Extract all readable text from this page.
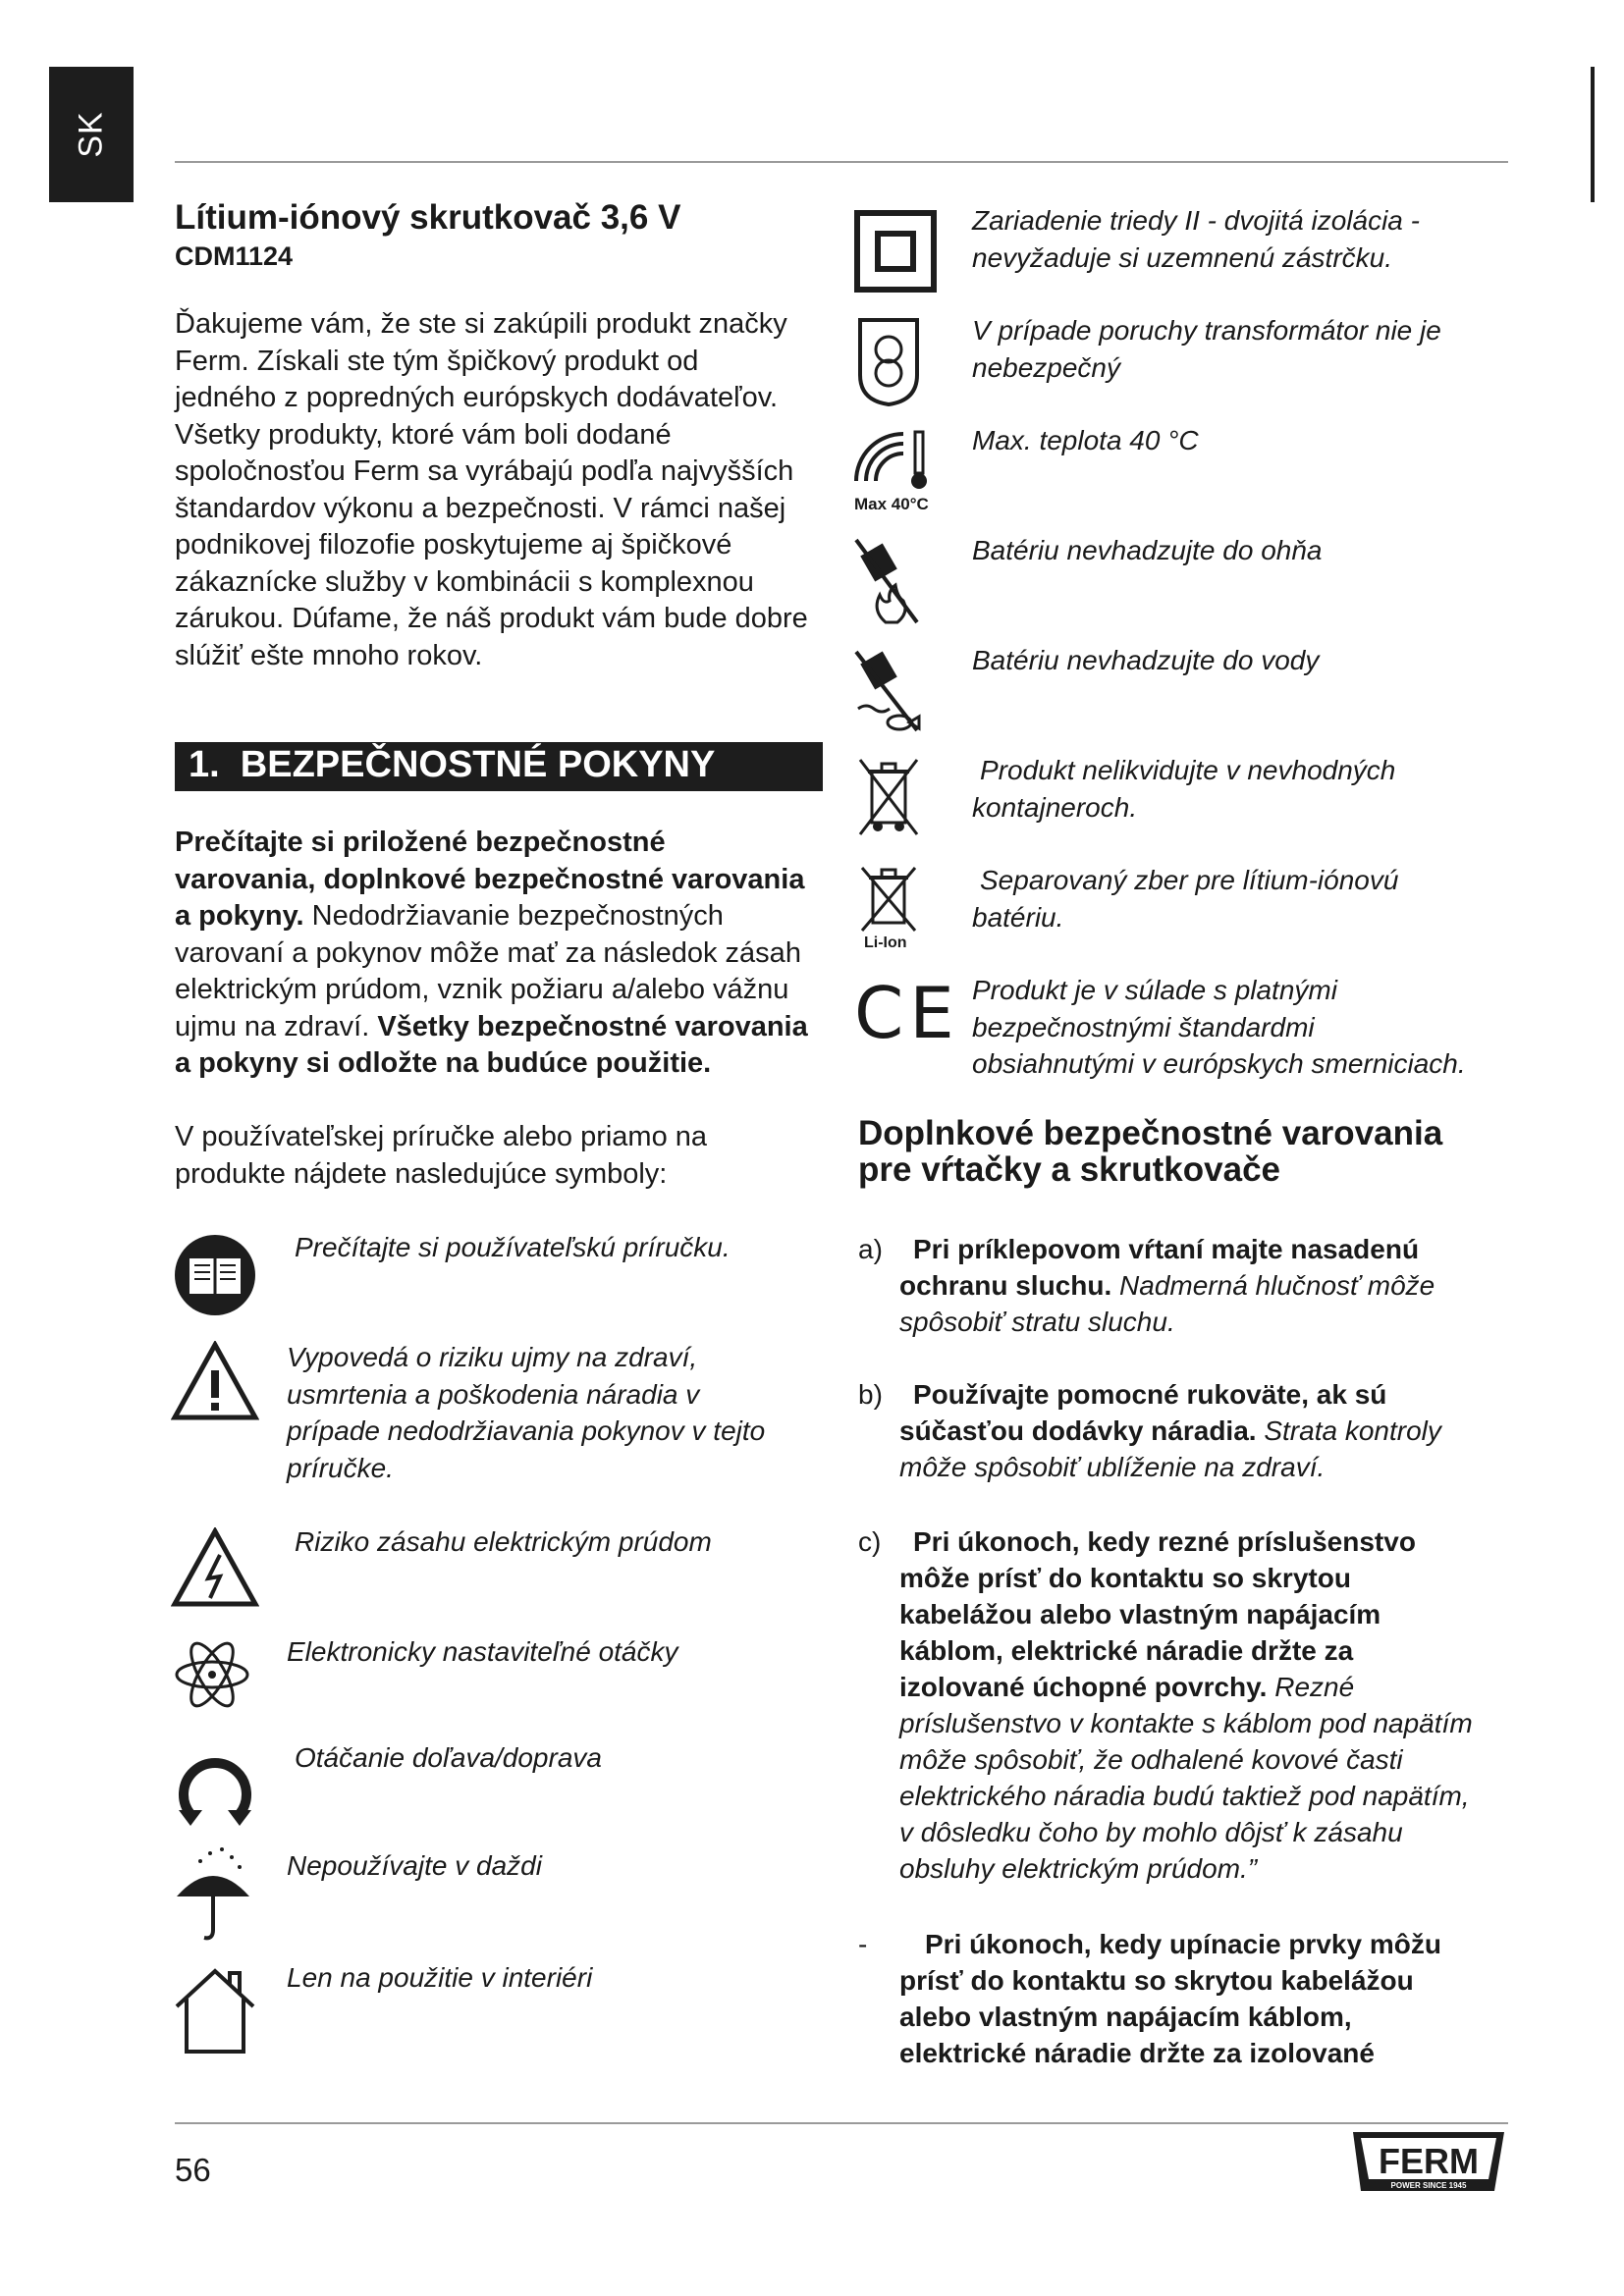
SK
Lítium-iónový skrutkovač 3,6 V
CDM1124
Ďakujeme vám, že ste si zakúpili produkt značky
Ferm. Získali ste tým špičkový produkt od
jedného z popredných európskych dodávateľov.
Všetky produkty, ktoré vám boli dodané
spoločnosťou Ferm sa vyrábajú podľa najvyšších
štandardov výkonu a bezpečnosti. V rámci našej
podnikovej filozofie poskytujeme aj špičkové
zákaznícke služby v kombinácii s komplexnou
zárukou. Dúfame, že náš produkt vám bude dobre
slúžiť ešte mnoho rokov.
1.  BEZPEČNOSTNÉ POKYNY
Prečítajte si priložené bezpečnostné
varovania, doplnkové bezpečnostné varovania
a pokyny. Nedodržiavanie bezpečnostných
varovaní a pokynov môže mať za následok zásah
elektrickým prúdom, vznik požiaru a/alebo vážnu
ujmu na zdraví. Všetky bezpečnostné varovania
a pokyny si odložte na budúce použitie.
V používateľskej príručke alebo priamo na
produkte nájdete nasledujúce symboly:
Prečítajte si používateľskú príručku.
Vypovedá o riziku ujmy na zdraví,
usmrtenia a poškodenia náradia v
prípade nedodržiavania pokynov v tejto
príručke.
Riziko zásahu elektrickým prúdom
Elektronicky nastaviteľné otáčky
Otáčanie doľava/doprava
Nepoužívajte v daždi
Len na použitie v interiéri
Zariadenie triedy II - dvojitá izolácia -
nevyžaduje si uzemnenú zástrčku.
V prípade poruchy transformátor nie je
nebezpečný
Max 40°C
Max. teplota 40 °C
Batériu nevhadzujte do ohňa
Batériu nevhadzujte do vody
Produkt nelikvidujte v nevhodných
kontajneroch.
Li-Ion
Separovaný zber pre lítium-iónovú
batériu.
CE Produkt je v súlade s platnými
bezpečnostnými štandardmi
obsiahnutými v európskych smerniciach.
Doplnkové bezpečnostné varovania
pre vŕtačky a skrutkovače
a)	Pri príklepovom vŕtaní majte nasadenú
ochranu sluchu. Nadmerná hlučnosť môže
spôsobiť stratu sluchu.
b)	Používajte pomocné rukoväte, ak sú
súčasťou dodávky náradia. Strata kontroly
môže spôsobiť ublíženie na zdraví.
c)	Pri úkonoch, kedy rezné príslušenstvo
môže prísť do kontaktu so skrytou
kabelážou alebo vlastným napájacím
káblom, elektrické náradie držte za
izolované úchopné povrchy. Rezné
príslušenstvo v kontakte s káblom pod napätím
môže spôsobiť, že odhalené kovové časti
elektrického náradia budú taktiež pod napätím,
v dôsledku čoho by mohlo dôjsť k zásahu
obsluhy elektrickým prúdom.”
-	Pri úkonoch, kedy upínacie prvky môžu
prísť do kontaktu so skrytou kabelážou
alebo vlastným napájacím káblom,
elektrické náradie držte za izolované
56	FERM
POWER SINCE 1945
